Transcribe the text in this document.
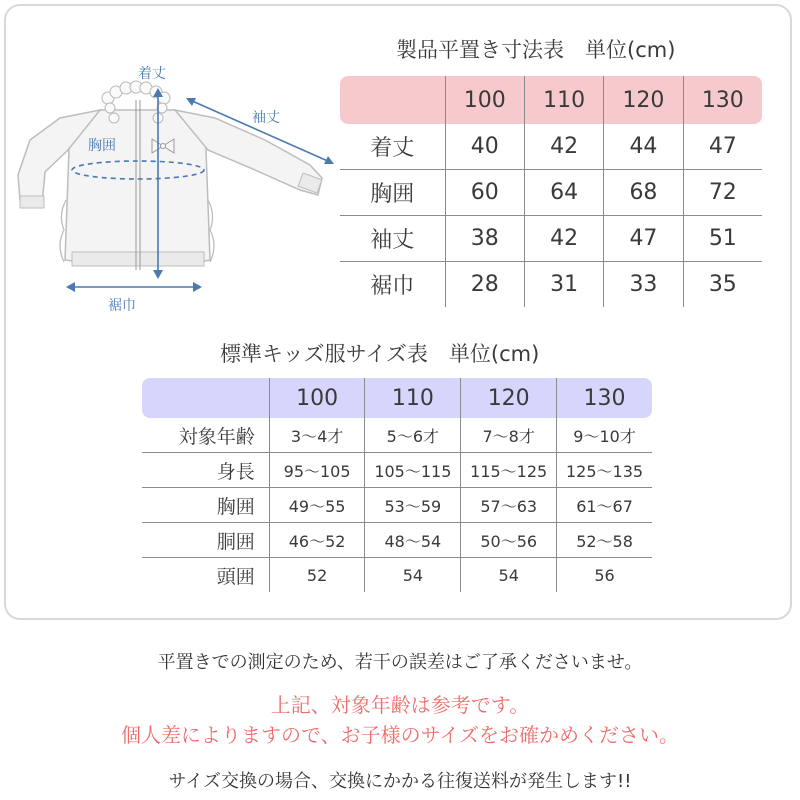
着丈
袖丈
胸囲
裾巾
製品平置き寸法表　単位(cm)
	100	110	120	130
着丈	40	42	44	47
胸囲	60	64	68	72
袖丈	38	42	47	51
裾巾	28	31	33	35
標準キッズ服サイズ表　単位(cm)
	100	110	120	130
対象年齢	3〜4才	5〜6才	7〜8才	9〜10才
身長	95〜105	105〜115	115〜125	125〜135
胸囲	49〜55	53〜59	57〜63	61〜67
胴囲	46〜52	48〜54	50〜56	52〜58
頭囲	52	54	54	56
平置きでの測定のため、若干の誤差はご了承くださいませ。
上記、対象年齢は参考です。
個人差によりますので、お子様のサイズをお確かめください。
サイズ交換の場合、交換にかかる往復送料が発生します!!
